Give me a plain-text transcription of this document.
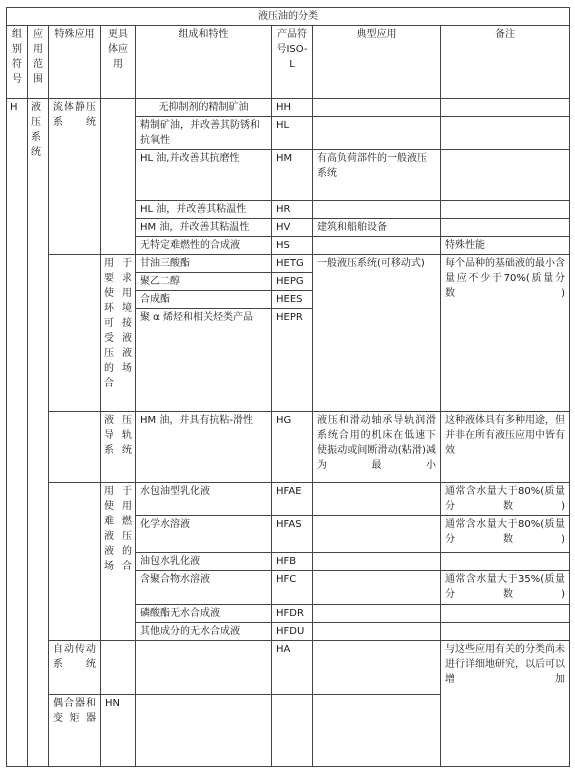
液压油的分类							
组别符号	应用范围	特殊应用	更具体应用	组成和特性	产品符号ISO-L	典型应用	备注
H	液压系统	流体静压系统		无抑制剂的精制矿油	HH		
				精制矿油，并改善其防锈和抗氧性	HL		
				HL 油,并改善其抗磨性	HM	有高负荷部件的一般液压系统	
				HL 油，并改善其粘温性	HR		
				HM 油，并改善其粘温性	HV	建筑和船舶设备	
				无特定难燃性的合成液	HS		特殊性能
			用于要求使用环境可接受液压液的场合	甘油三酸酯	HETG	一般液压系统(可移动式)	每个品种的基础液的最小含量应不少于70%(质量分数)
				聚乙二醇	HEPG		
				合成酯	HEES		
				聚 α 烯烃和相关烃类产品	HEPR		
			液压导轨系统	HM 油，并具有抗粘-滑性	HG	液压和滑动轴承导轨润滑系统合用的机床在低速下使振动或间断滑动(粘滑)减为最小	这种液体具有多种用途，但并非在所有液压应用中皆有效
			用于使用难燃液压液的场合	水包油型乳化液	HFAE		通常含水量大于80%(质量分数)
				化学水溶液	HFAS		通常含水量大于80%(质量分数)
				油包水乳化液	HFB		
				含聚合物水溶液	HFC		通常含水量大于35%(质量分数)
				磷酸酯无水合成液	HFDR		
				其他成分的无水合成液	HFDU		
		自动传动系统			HA		与这些应用有关的分类尚未进行详细地研究，以后可以增加
		偶合器和变矩器	HN				
